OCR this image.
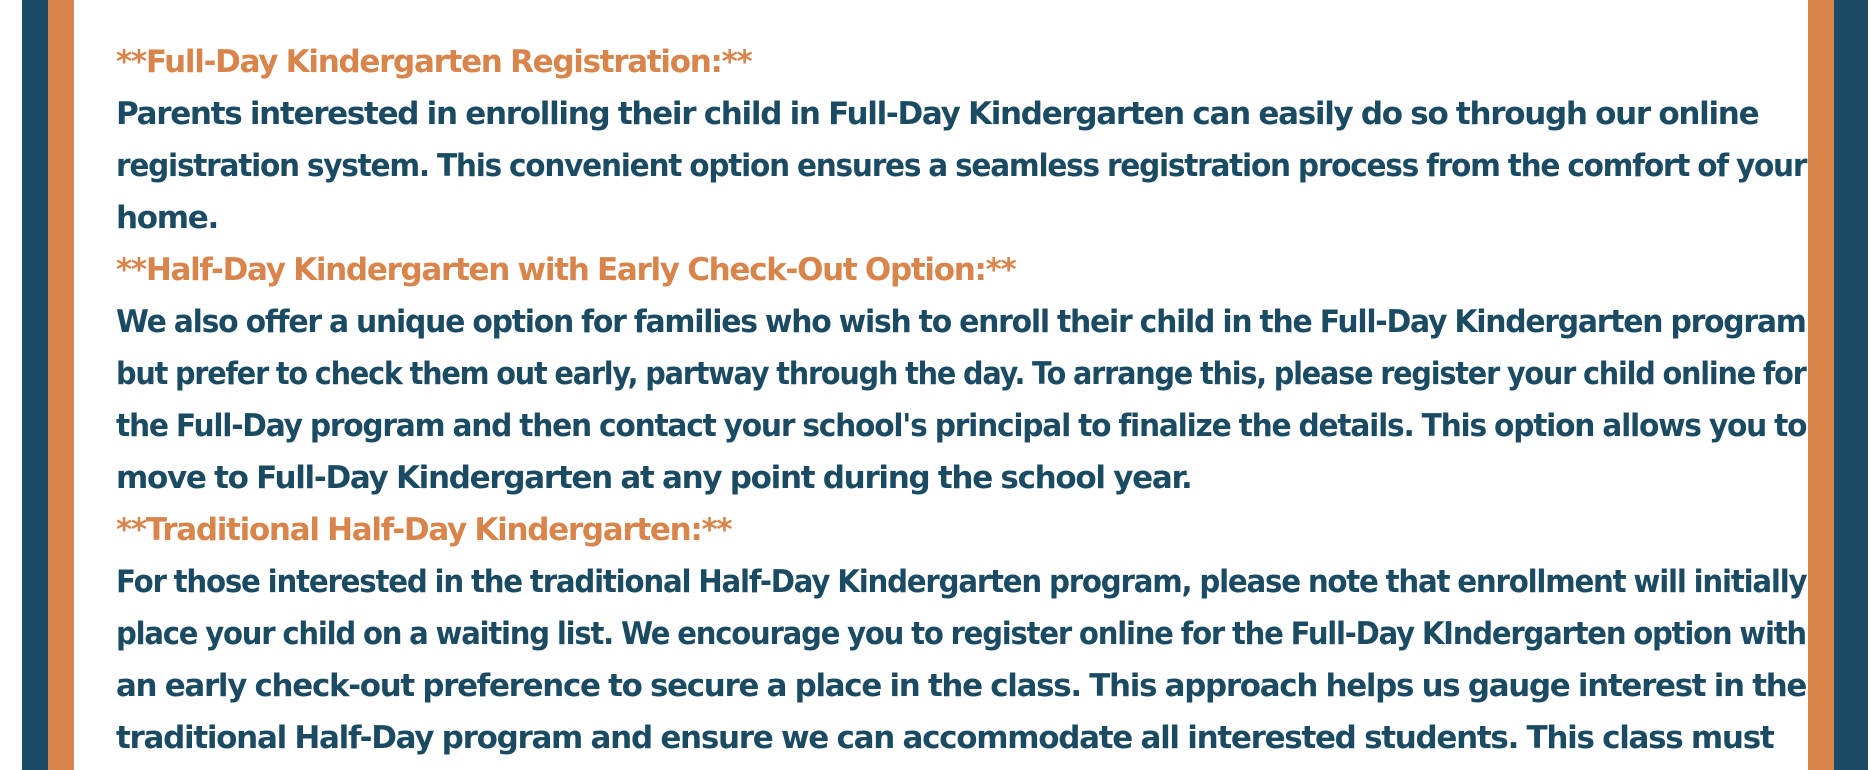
**Full-Day Kindergarten Registration:**

Parents interested in enrolling their child in Full-Day Kindergarten can easily do so through our online
registration system. This convenient option ensures a seamless registration process from the comfort of your
home.

**Half-Day Kindergarten with Early Check-Out Option:**

We also offer a unique option for families who wish to enroll their child in the Full-Day Kindergarten program
but prefer to check them out early, partway through the day. To arrange this, please register your child online for
the Full-Day program and then contact your school's principal to finalize the details. This option allows you to
move to Full-Day Kindergarten at any point during the school year.

**Traditional Half-Day Kindergarten:**

For those interested in the traditional Half-Day Kindergarten program, please note that enrollment will initially
place your child on a waiting list. We encourage you to register online for the Full-Day KIndergarten option with
an early check-out preference to secure a place in the class. This approach helps us gauge interest in the
traditional Half-Day program and ensure we can accommodate all interested students. This class must
